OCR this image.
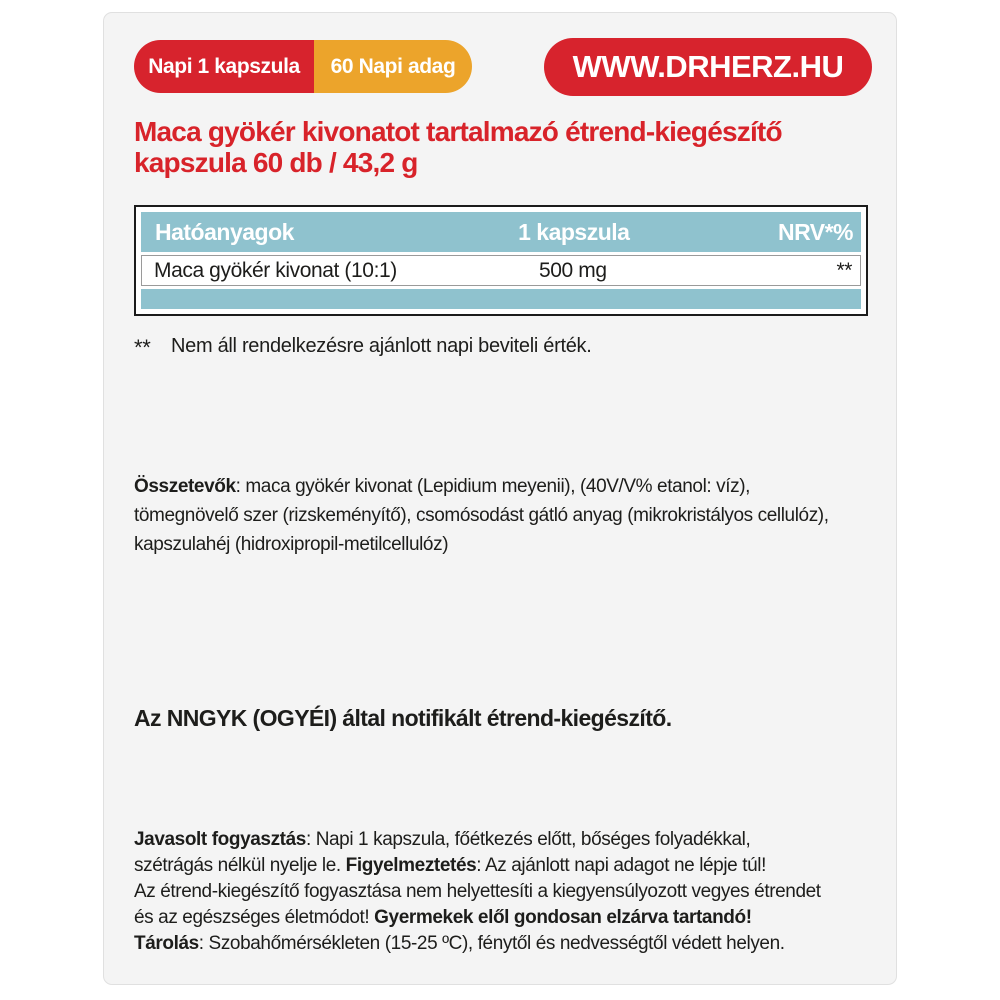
Napi 1 kapszula	60 Napi adag	WWW.DRHERZ.HU
Maca gyökér kivonatot tartalmazó étrend-kiegészítő
kapszula 60 db / 43,2 g
Hatóanyagok	1 kapszula	NRV*%
Maca gyökér kivonat (10:1)	500 mg	**
**	Nem áll rendelkezésre ajánlott napi beviteli érték.
Összetevők: maca gyökér kivonat (Lepidium meyenii), (40V/V% etanol: víz),
tömegnövelő szer (rizskeményítő), csomósodást gátló anyag (mikrokristályos cellulóz),
kapszulahéj (hidroxipropil-metilcellulóz)
Az NNGYK (OGYÉI) által notifikált étrend-kiegészítő.
Javasolt fogyasztás: Napi 1 kapszula, főétkezés előtt, bőséges folyadékkal,
szétrágás nélkül nyelje le. Figyelmeztetés: Az ajánlott napi adagot ne lépje túl!
Az étrend-kiegészítő fogyasztása nem helyettesíti a kiegyensúlyozott vegyes étrendet
és az egészséges életmódot! Gyermekek elől gondosan elzárva tartandó!
Tárolás: Szobahőmérsékleten (15-25 ºC), fénytől és nedvességtől védett helyen.
